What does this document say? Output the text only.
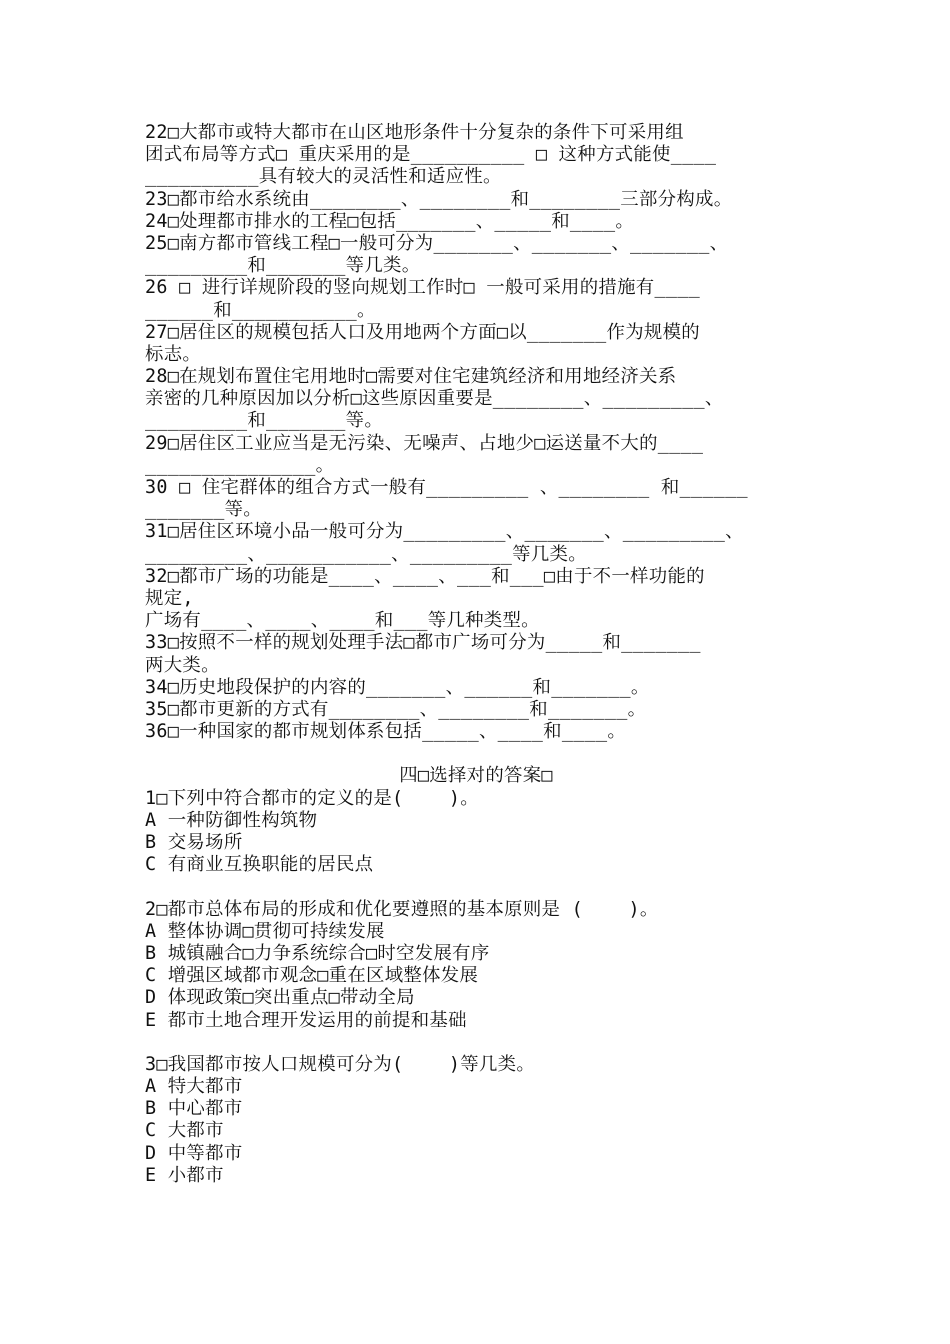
22□大都市或特大都市在山区地形条件十分复杂的条件下可采用组
团式布局等方式□ 重庆采用的是__________ □ 这种方式能使____
__________具有较大的灵活性和适应性。
23□都市给水系统由________、________和________三部分构成。
24□处理都市排水的工程□包括_______、_____和____。
25□南方都市管线工程□一般可分为_______、_______、_______、
_________和_______等几类。
26 □ 进行详规阶段的竖向规划工作时□ 一般可采用的措施有____
______和___________。
27□居住区的规模包括人口及用地两个方面□以_______作为规模的
标志。
28□在规划布置住宅用地时□需要对住宅建筑经济和用地经济关系
亲密的几种原因加以分析□这些原因重要是________、_________、
_________和_______等。
29□居住区工业应当是无污染、无噪声、占地少□运送量不大的____
_______________。
30 □ 住宅群体的组合方式一般有_________ 、________ 和______
_______等。
31□居住区环境小品一般可分为_________、_______、_________、
_________、___________、_________等几类。
32□都市广场的功能是____、____、___和___□由于不一样功能的
规定,
广场有____、____、____和___等几种类型。
33□按照不一样的规划处理手法□都市广场可分为_____和_______
两大类。
34□历史地段保护的内容的_______、______和_______。
35□都市更新的方式有________、________和_______。
36□一种国家的都市规划体系包括_____、____和____。
四□选择对的答案□
1□下列中符合都市的定义的是(    )。
A 一种防御性构筑物
B 交易场所
C 有商业互换职能的居民点
2□都市总体布局的形成和优化要遵照的基本原则是 (    )。
A 整体协调□贯彻可持续发展
B 城镇融合□力争系统综合□时空发展有序
C 增强区域都市观念□重在区域整体发展
D 体现政策□突出重点□带动全局
E 都市土地合理开发运用的前提和基础
3□我国都市按人口规模可分为(    )等几类。
A 特大都市
B 中心都市
C 大都市
D 中等都市
E 小都市
